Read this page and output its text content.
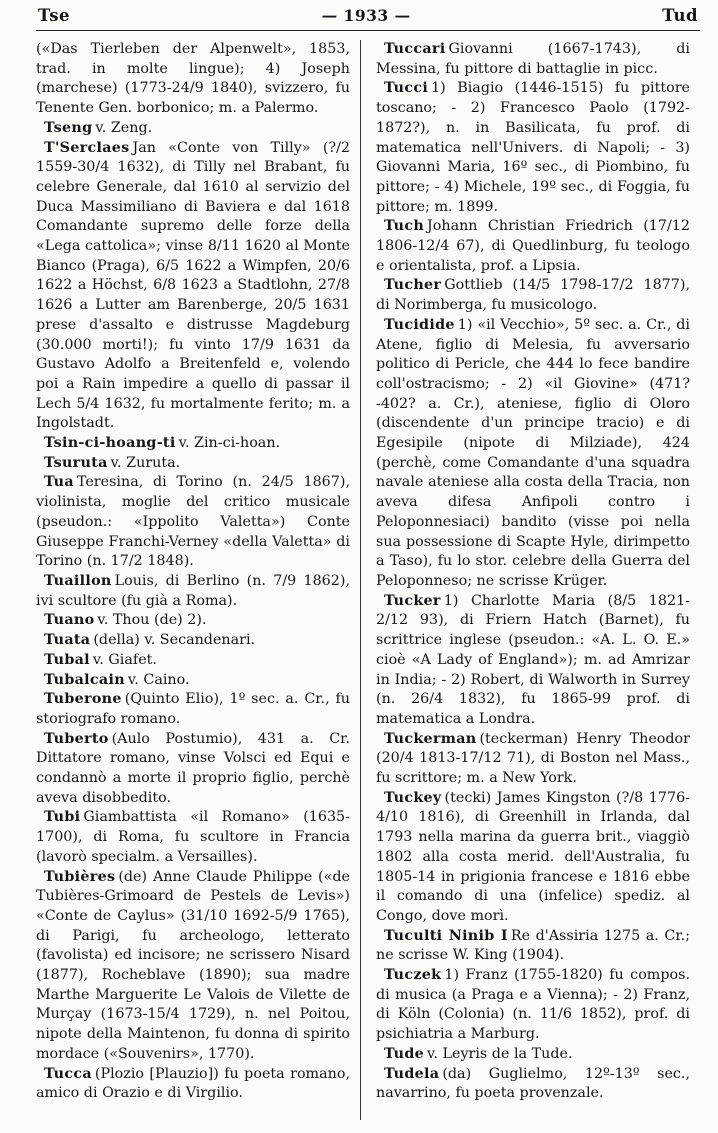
Tse	— 1933 —	Tud

(«Das Tierleben der Alpenwelt», 1853, trad. in molte lingue); 4) Joseph (marchese) (1773-24/9 1840), svizzero, fu Tenente Gen. borbonico; m. a Palermo.

Tseng v. Zeng.

T'Serclaes Jan «Conte von Tilly» (?/2 1559-30/4 1632), di Tilly nel Brabant, fu celebre Generale, dal 1610 al servizio del Duca Massimiliano di Baviera e dal 1618 Comandante supremo delle forze della «Lega cattolica»; vinse 8/11 1620 al Monte Bianco (Praga), 6/5 1622 a Wimpfen, 20/6 1622 a Höchst, 6/8 1623 a Stadtlohn, 27/8 1626 a Lutter am Barenberge, 20/5 1631 prese d'assalto e distrusse Magdeburg (30.000 morti!); fu vinto 17/9 1631 da Gustavo Adolfo a Breitenfeld e, volendo poi a Rain impedire a quello di passar il Lech 5/4 1632, fu mortalmente ferito; m. a Ingolstadt.

Tsin-ci-hoang-ti v. Zin-ci-hoan.

Tsuruta v. Zuruta.

Tua Teresina, di Torino (n. 24/5 1867), violinista, moglie del critico musicale (pseudon.: «Ippolito Valetta») Conte Giuseppe Franchi-Verney «della Valetta» di Torino (n. 17/2 1848).

Tuaillon Louis, di Berlino (n. 7/9 1862), ivi scultore (fu già a Roma).

Tuano v. Thou (de) 2).

Tuata (della) v. Secandenari.

Tubal v. Giafet.

Tubalcain v. Caino.

Tuberone (Quinto Elio), 1º sec. a. Cr., fu storiografo romano.

Tuberto (Aulo Postumio), 431 a. Cr. Dittatore romano, vinse Volsci ed Equi e condannò a morte il proprio figlio, perchè aveva disobbedito.

Tubi Giambattista «il Romano» (1635-1700), di Roma, fu scultore in Francia (lavorò specialm. a Versailles).

Tubières (de) Anne Claude Philippe («de Tubières-Grimoard de Pestels de Levis») «Conte de Caylus» (31/10 1692-5/9 1765), di Parigi, fu archeologo, letterato (favolista) ed incisore; ne scrissero Nisard (1877), Rocheblave (1890); sua madre Marthe Marguerite Le Valois de Vilette de Murçay (1673-15/4 1729), n. nel Poitou, nipote della Maintenon, fu donna di spirito mordace («Souvenirs», 1770).

Tucca (Plozio [Plauzio]) fu poeta romano, amico di Orazio e di Virgilio.

Tuccari Giovanni (1667-1743), di Messina, fu pittore di battaglie in picc.

Tucci 1) Biagio (1446-1515) fu pittore toscano; - 2) Francesco Paolo (1792-1872?), n. in Basilicata, fu prof. di matematica nell'Univers. di Napoli; - 3) Giovanni Maria, 16º sec., di Piombino, fu pittore; - 4) Michele, 19º sec., di Foggia, fu pittore; m. 1899.

Tuch Johann Christian Friedrich (17/12 1806-12/4 67), di Quedlinburg, fu teologo e orientalista, prof. a Lipsia.

Tucher Gottlieb (14/5 1798-17/2 1877), di Norimberga, fu musicologo.

Tucidide 1) «il Vecchio», 5º sec. a. Cr., di Atene, figlio di Melesia, fu avversario politico di Pericle, che 444 lo fece bandire coll'ostracismo; - 2) «il Giovine» (471?-402? a. Cr.), ateniese, figlio di Oloro (discendente d'un principe tracio) e di Egesipile (nipote di Milziade), 424 (perchè, come Comandante d'una squadra navale ateniese alla costa della Tracia, non aveva difesa Anfipoli contro i Peloponnesiaci) bandito (visse poi nella sua possessione di Scapte Hyle, dirimpetto a Taso), fu lo stor. celebre della Guerra del Peloponneso; ne scrisse Krüger.

Tucker 1) Charlotte Maria (8/5 1821-2/12 93), di Friern Hatch (Barnet), fu scrittrice inglese (pseudon.: «A. L. O. E.» cioè «A Lady of England»); m. ad Amrizar in India; - 2) Robert, di Walworth in Surrey (n. 26/4 1832), fu 1865-99 prof. di matematica a Londra.

Tuckerman (teckerman) Henry Theodor (20/4 1813-17/12 71), di Boston nel Mass., fu scrittore; m. a New York.

Tuckey (tecki) James Kingston (?/8 1776-4/10 1816), di Greenhill in Irlanda, dal 1793 nella marina da guerra brit., viaggiò 1802 alla costa merid. dell'Australia, fu 1805-14 in prigionia francese e 1816 ebbe il comando di una (infelice) spediz. al Congo, dove morì.

Tuculti Ninib I Re d'Assiria 1275 a. Cr.; ne scrisse W. King (1904).

Tuczek 1) Franz (1755-1820) fu compos. di musica (a Praga e a Vienna); - 2) Franz, di Köln (Colonia) (n. 11/6 1852), prof. di psichiatria a Marburg.

Tude v. Leyris de la Tude.

Tudela (da) Guglielmo, 12º-13º sec., navarrino, fu poeta provenzale.
